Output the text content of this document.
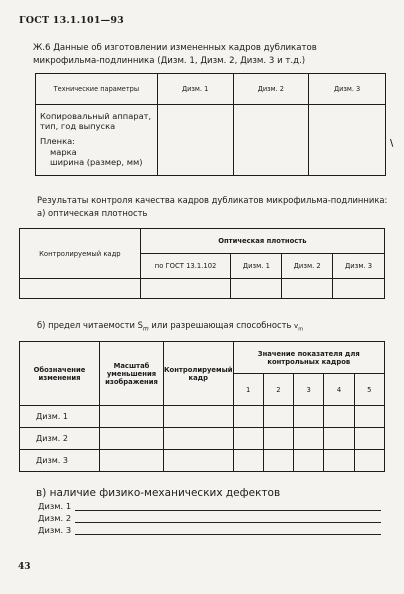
ГОСТ 13.1.101—93
Ж.6 Данные об изготовлении измененных кадров дубликатов микрофильма-подлинника (Дизм. 1, Дизм. 2, Дизм. 3 и т.д.)
Технические параметры	Дизм. 1	Дизм. 2	Дизм. 3

Копировальный аппарат,
тип, год выпуска
Пленка:
марка
ширина (размер, мм)			

\
Результаты контроля качества кадров дубликатов микрофильма-подлинника:
а) оптическая плотность
Контролируемый кадр	Оптическая плотность			
	по ГОСТ 13.1.102	Дизм. 1	Дизм. 2	Дизм. 3

б) предел читаемости $S_m$ или разрешающая способность $v_m$
Обозначение изменения	Масштаб уменьшения изображения	Контролируемый кадр	Значение показателя для контрольных кадров				
			1	2	3	4	5
Дизм. 1							
Дизм. 2							
Дизм. 3							
в) наличие физико-механических дефектов
Дизм. 1
Дизм. 2
Дизм. 3
43
